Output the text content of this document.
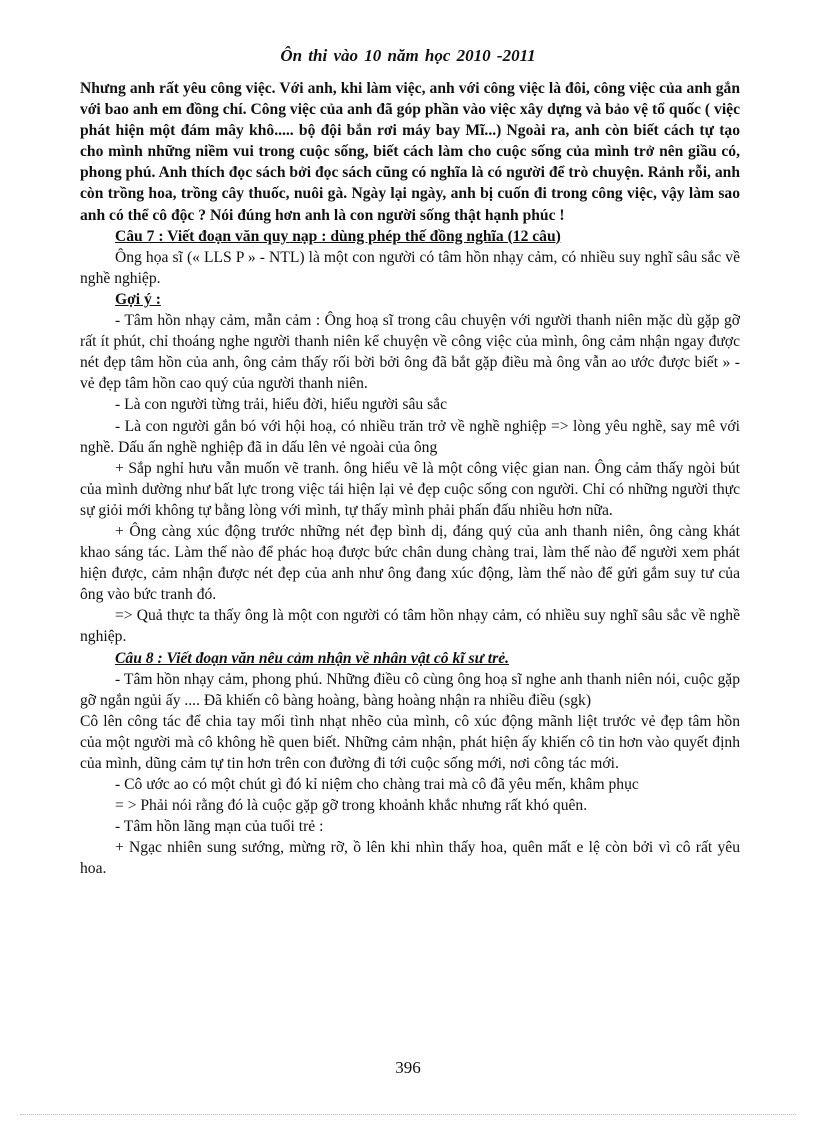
Ôn thi vào 10 năm học 2010 -2011

Nhưng anh rất yêu công việc. Với anh, khi làm việc, anh với công việc là đôi, công việc của anh gắn với bao anh em đồng chí. Công việc của anh đã góp phần vào việc xây dựng và bảo vệ tổ quốc ( việc phát hiện một đám mây khô..... bộ đội bắn rơi máy bay Mĩ...) Ngoài ra, anh còn biết cách tự tạo cho mình những niềm vui trong cuộc sống, biết cách làm cho cuộc sống của mình trở nên giầu có, phong phú. Anh thích đọc sách bởi đọc sách cũng có nghĩa là có người để trò chuyện. Rảnh rỗi, anh còn trồng hoa, trồng cây thuốc, nuôi gà. Ngày lại ngày, anh bị cuốn đi trong công việc, vậy làm sao anh có thể cô độc ? Nói đúng hơn anh là con người sống thật hạnh phúc !

Câu 7 : Viết đoạn văn quy nạp : dùng phép thế đồng nghĩa (12 câu)

Ông họa sĩ (« LLS P » - NTL) là một con người có tâm hồn nhạy cảm, có nhiều suy nghĩ sâu sắc về nghề nghiệp.

Gợi ý :

- Tâm hồn nhạy cảm, mẫn cảm : Ông hoạ sĩ trong câu chuyện với người thanh niên mặc dù gặp gỡ rất ít phút, chỉ thoáng nghe người thanh niên kể chuyện về công việc của mình, ông cảm nhận ngay được nét đẹp tâm hồn của anh, ông cảm thấy rối bời bởi ông đã bắt gặp điều mà ông vẫn ao ước được biết » - vẻ đẹp tâm hồn cao quý của người thanh niên.

- Là con người từng trải, hiểu đời, hiểu người sâu sắc

- Là con người gắn bó với hội hoạ, có nhiều trăn trở về nghề nghiệp => lòng yêu nghề, say mê với nghề. Dấu ấn nghề nghiệp đã in dấu lên vẻ ngoài của ông

+ Sắp nghỉ hưu vẫn muốn vẽ tranh. ông hiểu vẽ là một công việc gian nan. Ông cảm thấy ngòi bút của mình dường như bất lực trong việc tái hiện lại vẻ đẹp cuộc sống con người. Chỉ có những người thực sự giỏi mới không tự bằng lòng với mình, tự thấy mình phải phấn đấu nhiều hơn nữa.

+ Ông càng xúc động trước những nét đẹp bình dị, đáng quý của anh thanh niên, ông càng khát khao sáng tác. Làm thế nào để phác hoạ được bức chân dung chàng trai, làm thế nào để người xem phát hiện được, cảm nhận được nét đẹp của anh như ông đang xúc động, làm thế nào để gửi gắm suy tư của ông vào bức tranh đó.

=> Quả thực ta thấy ông là một con người có tâm hồn nhạy cảm, có nhiều suy nghĩ sâu sắc về nghề nghiệp.

Câu 8 : Viết đoạn văn nêu cảm nhận về nhân vật cô kĩ sư trẻ.

- Tâm hồn nhạy cảm, phong phú. Những điều cô cùng ông hoạ sĩ nghe anh thanh niên nói, cuộc gặp gỡ ngắn ngủi ấy .... Đã khiến cô bàng hoàng, bàng hoàng nhận ra nhiều điều (sgk)

Cô lên công tác để chia tay mối tình nhạt nhẽo của mình, cô xúc động mãnh liệt trước vẻ đẹp tâm hồn của một người mà cô không hề quen biết. Những cảm nhận, phát hiện ấy khiến cô tin hơn vào quyết định của mình, dũng cảm tự tin hơn trên con đường đi tới cuộc sống mới, nơi công tác mới.

- Cô ước ao có một chút gì đó kỉ niệm cho chàng trai mà cô đã yêu mến, khâm phục

= > Phải nói rằng đó là cuộc gặp gỡ trong khoảnh khắc nhưng rất khó quên.

- Tâm hồn lãng mạn của tuổi trẻ :

+ Ngạc nhiên sung sướng, mừng rỡ, ồ lên khi nhìn thấy hoa, quên mất e lệ còn bởi vì cô rất yêu hoa.

396
